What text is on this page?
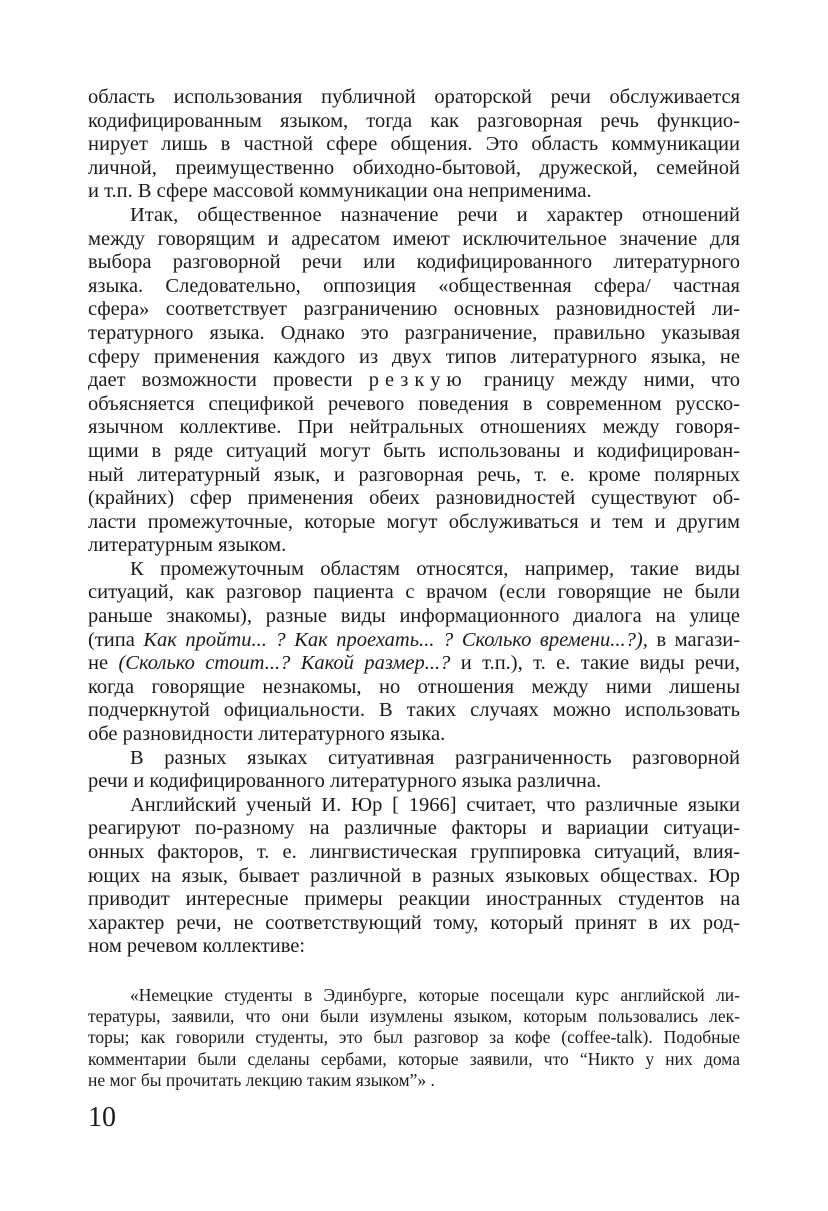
область использования публичной ораторской речи обслуживается
кодифицированным языком, тогда как разговорная речь функцио-
нирует лишь в частной сфере общения. Это область коммуникации
личной, преимущественно обиходно-бытовой, дружеской, семейной
и т.п. В сфере массовой коммуникации она неприменима.
Итак, общественное назначение речи и характер отношений
между говорящим и адресатом имеют исключительное значение для
выбора разговорной речи или кодифицированного литературного
языка. Следовательно, оппозиция «общественная сфера/ частная
сфера» соответствует разграничению основных разновидностей ли-
тературного языка. Однако это разграничение, правильно указывая
сферу применения каждого из двух типов литературного языка, не
дает возможности провести резкую границу между ними, что
объясняется спецификой речевого поведения в современном русско-
язычном коллективе. При нейтральных отношениях между говоря-
щими в ряде ситуаций могут быть использованы и кодифицирован-
ный литературный язык, и разговорная речь, т. е. кроме полярных
(крайних) сфер применения обеих разновидностей существуют об-
ласти промежуточные, которые могут обслуживаться и тем и другим
литературным языком.
К промежуточным областям относятся, например, такие виды
ситуаций, как разговор пациента с врачом (если говорящие не были
раньше знакомы), разные виды информационного диалога на улице
(типа Как пройти... ? Как проехать... ? Сколько времени...?), в магази-
не (Сколько стоит...? Какой размер...? и т.п.), т. е. такие виды речи,
когда говорящие незнакомы, но отношения между ними лишены
подчеркнутой официальности. В таких случаях можно использовать
обе разновидности литературного языка.
В разных языках ситуативная разграниченность разговорной
речи и кодифицированного литературного языка различна.
Английский ученый И. Юр [ 1966] считает, что различные языки
реагируют по-разному на различные факторы и вариации ситуаци-
онных факторов, т. е. лингвистическая группировка ситуаций, влия-
ющих на язык, бывает различной в разных языковых обществах. Юр
приводит интересные примеры реакции иностранных студентов на
характер речи, не соответствующий тому, который принят в их род-
ном речевом коллективе:
«Немецкие студенты в Эдинбурге, которые посещали курс английской ли-
тературы, заявили, что они были изумлены языком, которым пользовались лек-
торы; как говорили студенты, это был разговор за кофе (coffee-talk). Подобные
комментарии были сделаны сербами, которые заявили, что “Никто у них дома
не мог бы прочитать лекцию таким языком”» .
10
